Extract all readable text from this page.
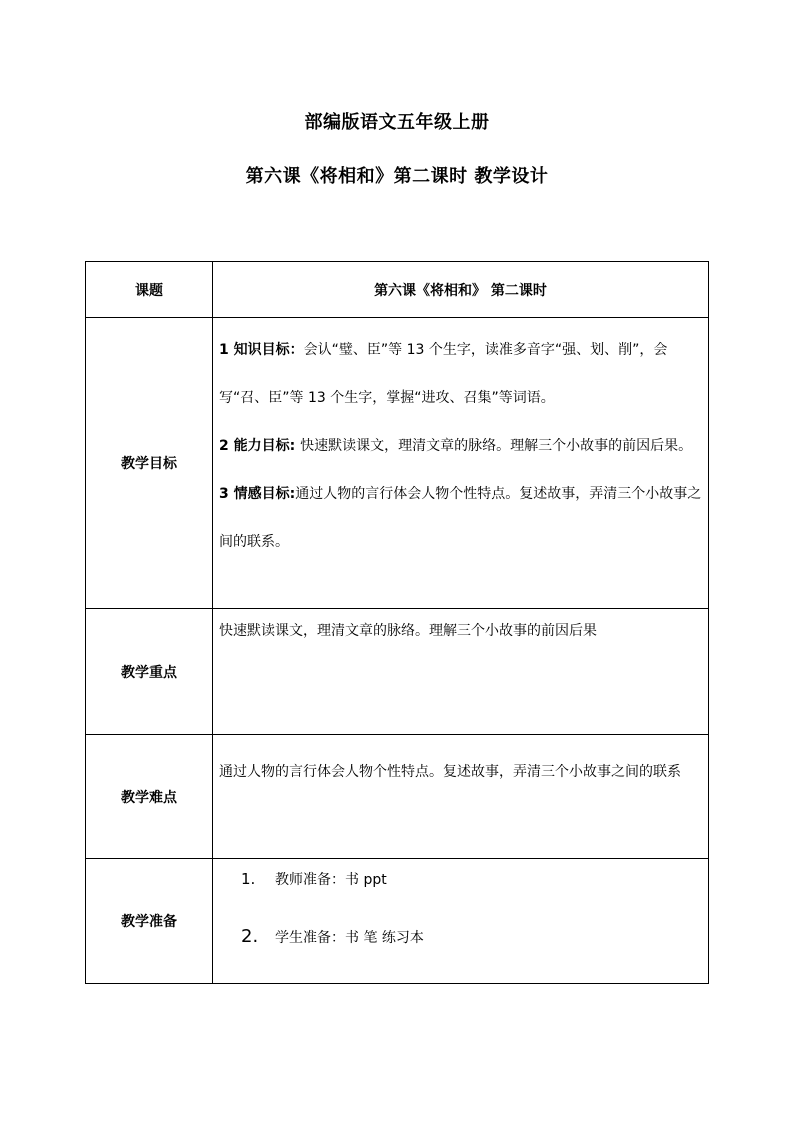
部编版语文五年级上册
第六课《将相和》第二课时 教学设计
课题	第六课《将相和》 第二课时
教学目标	1 知识目标：会认“璧、臣”等 13 个生字，读准多音字“强、划、削”，会写“召、臣”等 13 个生字，掌握“进攻、召集”等词语。
2 能力目标: 快速默读课文，理清文章的脉络。理解三个小故事的前因后果。
3 情感目标:通过人物的言行体会人物个性特点。复述故事，弄清三个小故事之间的联系。

教学重点	快速默读课文，理清文章的脉络。理解三个小故事的前因后果

教学难点	通过人物的言行体会人物个性特点。复述故事，弄清三个小故事之间的联系

教学准备	1. 教师准备：书 ppt
2. 学生准备：书 笔 练习本
